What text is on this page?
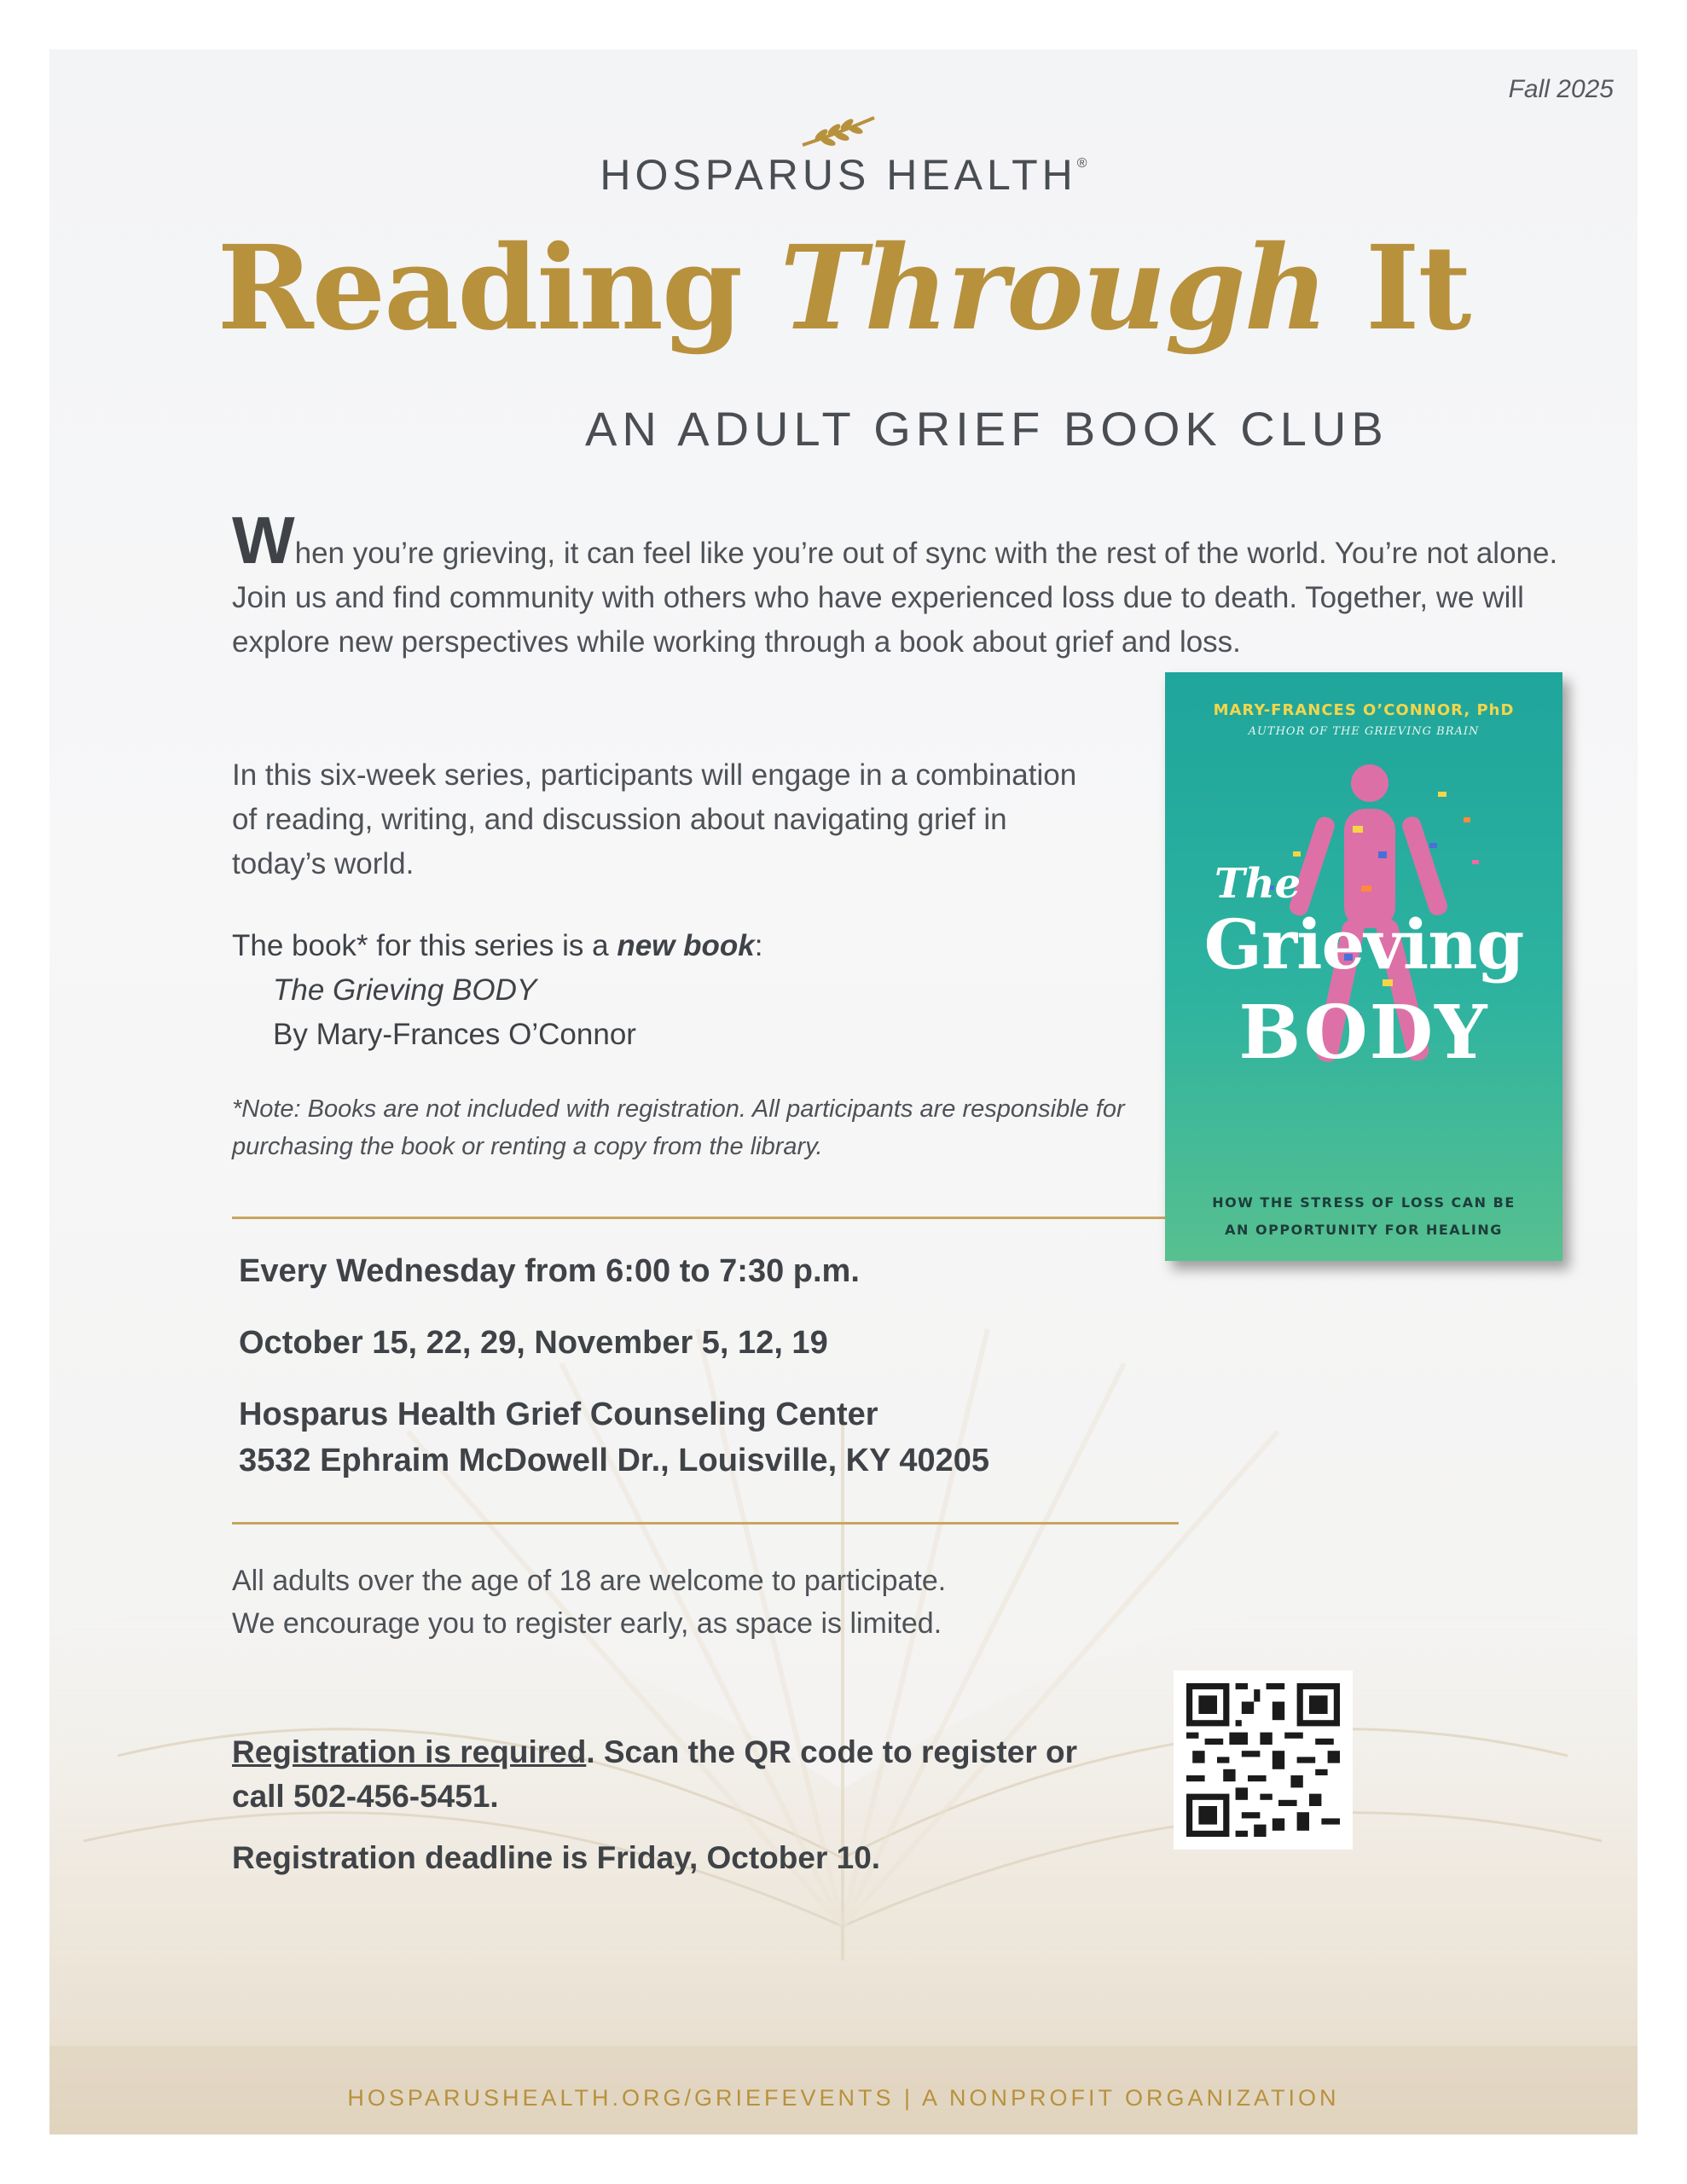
Fall 2025
HOSPARUS HEALTH®
Reading Through It
AN ADULT GRIEF BOOK CLUB
When you’re grieving, it can feel like you’re out of sync with the rest of the world. You’re not alone. Join us and find community with others who have experienced loss due to death. Together, we will explore new perspectives while working through a book about grief and loss.
In this six-week series, participants will engage in a combination of reading, writing, and discussion about navigating grief in today’s world.
The book* for this series is a new book:
The Grieving BODY
By Mary-Frances O’Connor
*Note: Books are not included with registration. All participants are responsible for purchasing the book or renting a copy from the library.
Every Wednesday from 6:00 to 7:30 p.m.
October 15, 22, 29, November 5, 12, 19
Hosparus Health Grief Counseling Center
3532 Ephraim McDowell Dr., Louisville, KY 40205
All adults over the age of 18 are welcome to participate.
We encourage you to register early, as space is limited.
Registration is required. Scan the QR code to register or call 502-456-5451.
Registration deadline is Friday, October 10.
MARY-FRANCES O’CONNOR, PhD
AUTHOR OF THE GRIEVING BRAIN
The
Grieving
BODY
HOW THE STRESS OF LOSS CAN BE
AN OPPORTUNITY FOR HEALING
HOSPARUSHEALTH.ORG/GRIEFEVENTS | A NONPROFIT ORGANIZATION
